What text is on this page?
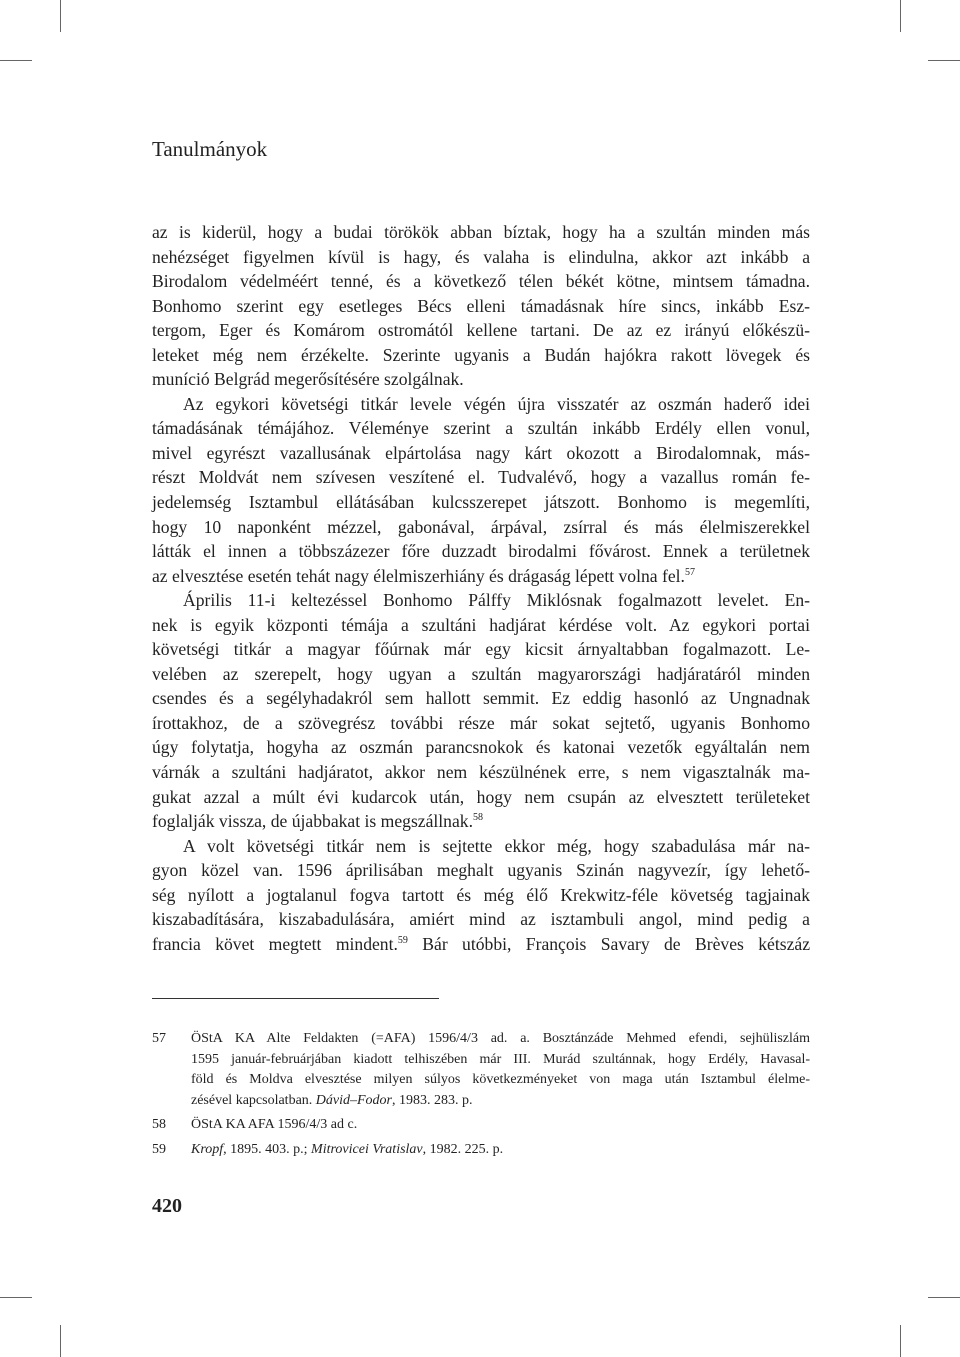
Tanulmányok
az is kiderül, hogy a budai törökök abban bíztak, hogy ha a szultán minden más
nehézséget figyelmen kívül is hagy, és valaha is elindulna, akkor azt inkább a
Birodalom védelméért tenné, és a következő télen békét kötne, mintsem támadna.
Bonhomo szerint egy esetleges Bécs elleni támadásnak híre sincs, inkább Esz-
tergom, Eger és Komárom ostromától kellene tartani. De az ez irányú előkészü-
leteket még nem érzékelte. Szerinte ugyanis a Budán hajókra rakott lövegek és
muníció Belgrád megerősítésére szolgálnak.
Az egykori követségi titkár levele végén újra visszatér az oszmán haderő idei
támadásának témájához. Véleménye szerint a szultán inkább Erdély ellen vonul,
mivel egyrészt vazallusának elpártolása nagy kárt okozott a Birodalomnak, más-
részt Moldvát nem szívesen veszítené el. Tudvalévő, hogy a vazallus román fe-
jedelemség Isztambul ellátásában kulcsszerepet játszott. Bonhomo is megemlíti,
hogy 10 naponként mézzel, gabonával, árpával, zsírral és más élelmiszerekkel
látták el innen a többszázezer főre duzzadt birodalmi fővárost. Ennek a területnek
az elvesztése esetén tehát nagy élelmiszerhiány és drágaság lépett volna fel.$^{57}$
Április 11-i keltezéssel Bonhomo Pálffy Miklósnak fogalmazott levelet. En-
nek is egyik központi témája a szultáni hadjárat kérdése volt. Az egykori portai
követségi titkár a magyar főúrnak már egy kicsit árnyaltabban fogalmazott. Le-
velében az szerepelt, hogy ugyan a szultán magyarországi hadjáratáról minden
csendes és a segélyhadakról sem hallott semmit. Ez eddig hasonló az Ungnadnak
írottakhoz, de a szövegrész további része már sokat sejtető, ugyanis Bonhomo
úgy folytatja, hogyha az oszmán parancsnokok és katonai vezetők egyáltalán nem
várnák a szultáni hadjáratot, akkor nem készülnének erre, s nem vigasztalnák ma-
gukat azzal a múlt évi kudarcok után, hogy nem csupán az elvesztett területeket
foglalják vissza, de újabbakat is megszállnak.$^{58}$
A volt követségi titkár nem is sejtette ekkor még, hogy szabadulása már na-
gyon közel van. 1596 áprilisában meghalt ugyanis Szinán nagyvezír, így lehető-
ség nyílott a jogtalanul fogva tartott és még élő Krekwitz-féle követség tagjainak
kiszabadítására, kiszabadulására, amiért mind az isztambuli angol, mind pedig a
francia követ megtett mindent.$^{59}$ Bár utóbbi, François Savary de Brèves kétszáz
57 ÖStA KA Alte Feldakten (=AFA) 1596/4/3 ad. a. Bosztánzáde Mehmed efendi, sejhüliszlám
1595 január-februárjában kiadott telhiszében már III. Murád szultánnak, hogy Erdély, Havasal-
föld és Moldva elvesztése milyen súlyos következményeket von maga után Isztambul élelme-
zésével kapcsolatban. Dávid–Fodor, 1983. 283. p.
58 ÖStA KA AFA 1596/4/3 ad c.
59 Kropf, 1895. 403. p.; Mitrovicei Vratislav, 1982. 225. p.
420
